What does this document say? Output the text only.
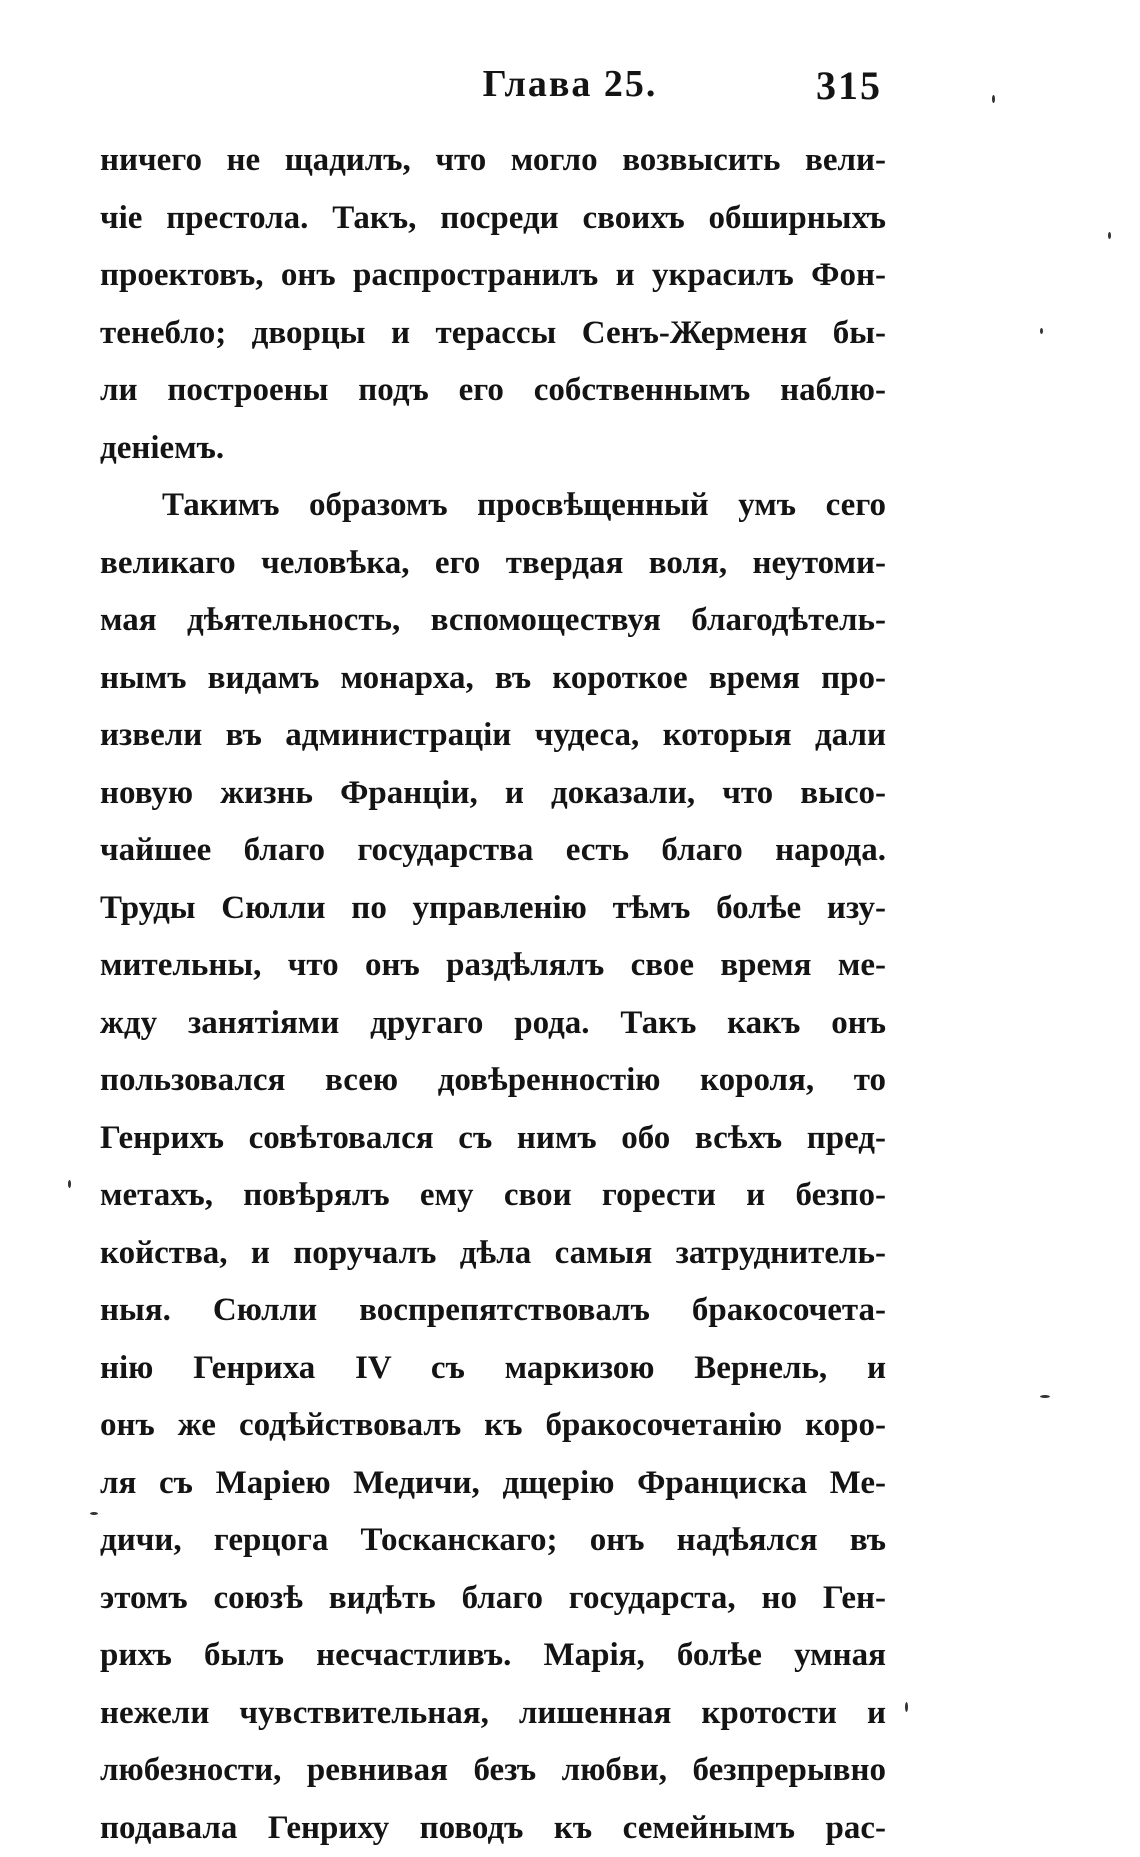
Глава 25.	315
ничего не щадилъ, что могло возвысить вели-
чіе престола. Такъ, посреди своихъ обширныхъ
проектовъ, онъ распространилъ и украсилъ Фон-
тенебло; дворцы и терассы Сенъ-Жерменя бы-
ли построены подъ его собственнымъ наблю-
деніемъ.
Такимъ образомъ просвѣщенный умъ сего
великаго человѣка, его твердая воля, неутоми-
мая дѣятельность, вспомоществуя благодѣтель-
нымъ видамъ монарха, въ короткое время про-
извели въ администраціи чудеса, которыя дали
новую жизнь Франціи, и доказали, что высо-
чайшее благо государства есть благо народа.
Труды Сюлли по управленію тѣмъ болѣе изу-
мительны, что онъ раздѣлялъ свое время ме-
жду занятіями другаго рода. Такъ какъ онъ
пользовался всею довѣренностію короля, то
Генрихъ совѣтовался съ нимъ обо всѣхъ пред-
метахъ, повѣрялъ ему свои горести и безпо-
койства, и поручалъ дѣла самыя затруднитель-
ныя. Сюлли воспрепятствовалъ бракосочета-
нію Генриха IV съ маркизою Вернель, и
онъ же содѣйствовалъ къ бракосочетанію коро-
ля съ Маріею Медичи, дщерію Франциска Ме-
дичи, герцога Тосканскаго; онъ надѣялся въ
этомъ союзѣ видѣть благо государста, но Ген-
рихъ былъ несчастливъ. Марія, болѣе умная
нежели чувствительная, лишенная кротости и
любезности, ревнивая безъ любви, безпрерывно
подавала Генриху поводъ къ семейнымъ рас-
